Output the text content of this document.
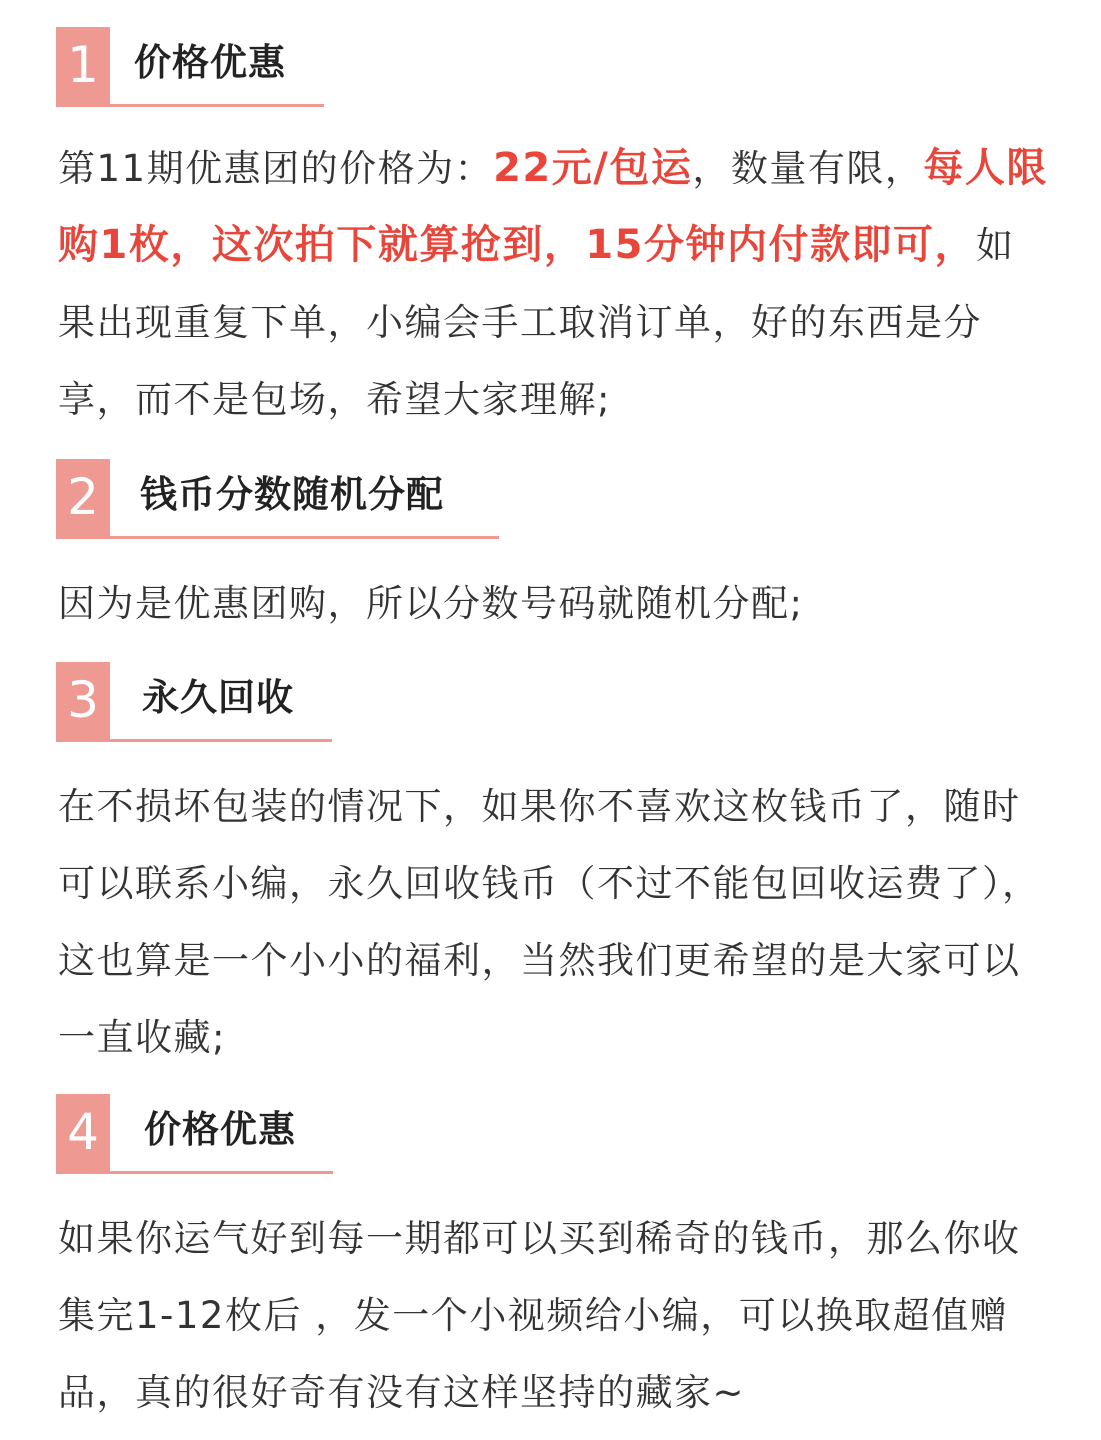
1 价格优惠

第11期优惠团的价格为：22元/包运，数量有限，每人限购1枚，这次拍下就算抢到，15分钟内付款即可，如果出现重复下单，小编会手工取消订单，好的东西是分享，而不是包场，希望大家理解;

2 钱币分数随机分配

因为是优惠团购，所以分数号码就随机分配;

3 永久回收

在不损坏包装的情况下，如果你不喜欢这枚钱币了，随时可以联系小编，永久回收钱币（不过不能包回收运费了），这也算是一个小小的福利，当然我们更希望的是大家可以一直收藏;

4 价格优惠

如果你运气好到每一期都可以买到稀奇的钱币，那么你收集完1-12枚后 ，发一个小视频给小编，可以换取超值赠品，真的很好奇有没有这样坚持的藏家~
